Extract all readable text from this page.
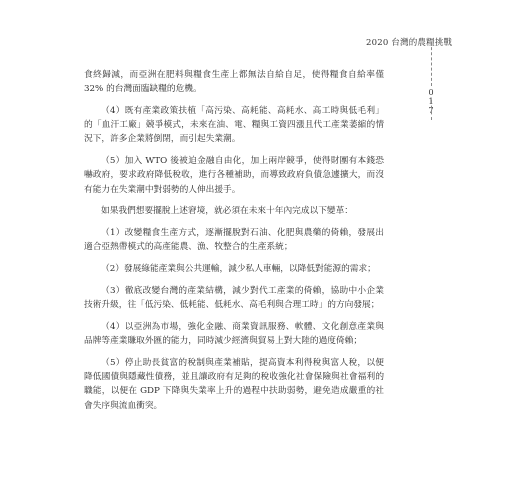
2020 台灣的農糧挑戰
0
1
7

食終歸減，而亞洲在肥料與糧食生產上都無法自給自足，使得糧食自給率僅 32% 的台灣面臨缺糧的危機。

（4）既有產業政策扶植「高污染、高耗能、高耗水、高工時與低毛利」的「血汗工廠」競爭模式，未來在油、電、糧與工資四漲且代工產業萎縮的情況下，許多企業將倒閉，而引起失業潮。

（5）加入 WTO 後被迫金融自由化，加上兩岸競爭，使得財團有本錢恐嚇政府，要求政府降低稅收，進行各種補助，而導致政府負債急遽擴大，而沒有能力在失業潮中對弱勢的人伸出援手。

如果我們想要擺脫上述窘境，就必須在未來十年內完成以下變革：

（1）改變糧食生產方式，逐漸擺脫對石油、化肥與農藥的倚賴，發展出適合亞熱帶模式的高產能農、漁、牧整合的生產系統；

（2）發展綠能產業與公共運輸，減少私人車輛，以降低對能源的需求；

（3）徹底改變台灣的產業結構，減少對代工產業的倚賴，協助中小企業技術升級，往「低污染、低耗能、低耗水、高毛利與合理工時」的方向發展；

（4）以亞洲為市場，強化金融、商業資訊服務、軟體、文化創意產業與品牌等產業賺取外匯的能力，同時減少經濟與貿易上對大陸的過度倚賴；

（5）停止助長貧富的稅制與產業補貼，提高資本利得稅與富人稅，以便降低國債與隱藏性債務，並且讓政府有足夠的稅收強化社會保險與社會福利的職能，以便在 GDP 下降與失業率上升的過程中扶助弱勢，避免造成嚴重的社會失序與流血衝突。
